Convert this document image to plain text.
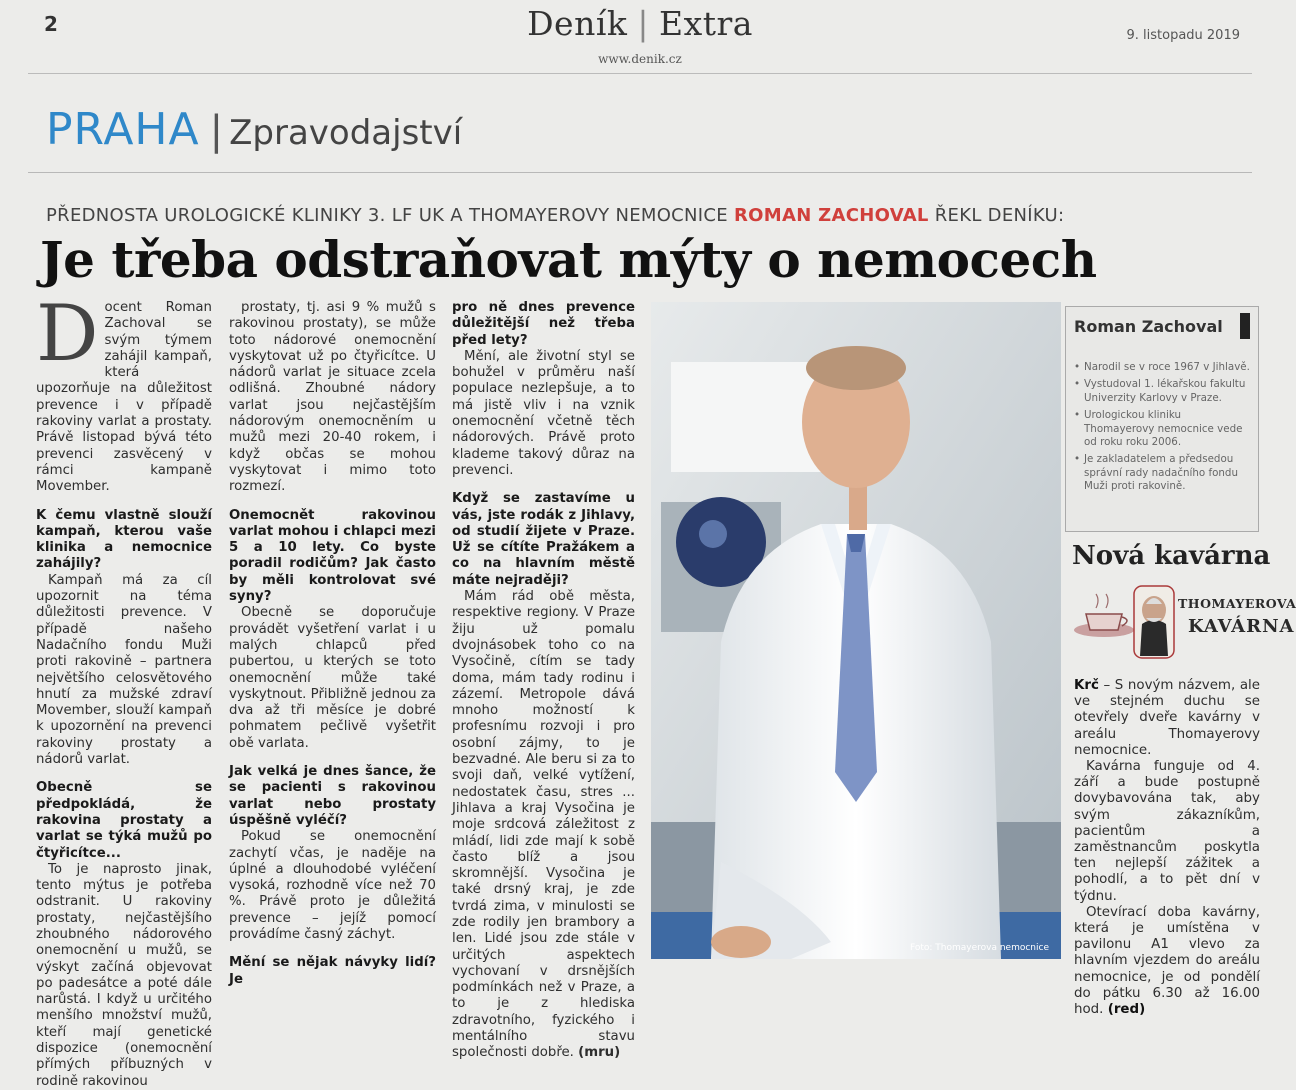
2	Deník | Extra	9. listopadu 2019
www.denik.cz
PRAHA | Zpravodajství
PŘEDNOSTA UROLOGICKÉ KLINIKY 3. LF UK A THOMAYEROVY NEMOCNICE ROMAN ZACHOVAL ŘEKL DENÍKU:
Je třeba odstraňovat mýty o nemocech

Docent Roman Zachoval se svým týmem zahájil kampaň, která upozorňuje na důležitost prevence i v případě rakoviny varlat a prostaty. Právě listopad bývá této prevenci zasvěcený v rámci kampaně Movember.

K čemu vlastně slouží kampaň, kterou vaše klinika a nemocnice zahájily?

Kampaň má za cíl upozornit na téma důležitosti prevence. V případě našeho Nadačního fondu Muži proti rakovině – partnera největšího celosvětového hnutí za mužské zdraví Movember, slouží kampaň k upozornění na prevenci rakoviny prostaty a nádorů varlat.

Obecně se předpokládá, že rakovina prostaty a varlat se týká mužů po čtyřicítce...

To je naprosto jinak, tento mýtus je potřeba odstranit. U rakoviny prostaty, nejčastějšího zhoubného nádorového onemocnění u mužů, se výskyt začíná objevovat po padesátce a poté dále narůstá. I když u určitého menšího množství mužů, kteří mají genetické dispozice (onemocnění přímých příbuzných v rodině rakovinou

prostaty, tj. asi 9 % mužů s rakovinou prostaty), se může toto nádorové onemocnění vyskytovat už po čtyřicítce. U nádorů varlat je situace zcela odlišná. Zhoubné nádory varlat jsou nejčastějším nádorovým onemocněním u mužů mezi 20-40 rokem, i když občas se mohou vyskytovat i mimo toto rozmezí.

Onemocnět rakovinou varlat mohou i chlapci mezi 5 a 10 lety. Co byste poradil rodičům? Jak často by měli kontrolovat své syny?

Obecně se doporučuje provádět vyšetření varlat i u malých chlapců před pubertou, u kterých se toto onemocnění může také vyskytnout. Přibližně jednou za dva až tři měsíce je dobré pohmatem pečlivě vyšetřit obě varlata.

Jak velká je dnes šance, že se pacienti s rakovinou varlat nebo prostaty úspěšně vyléčí?

Pokud se onemocnění zachytí včas, je naděje na úplné a dlouhodobé vyléčení vysoká, rozhodně více než 70 %. Právě proto je důležitá prevence – jejíž pomocí provádíme časný záchyt.

Mění se nějak návyky lidí? Je

pro ně dnes prevence důležitější než třeba před lety?

Mění, ale životní styl se bohužel v průměru naší populace nezlepšuje, a to má jistě vliv i na vznik onemocnění včetně těch nádorových. Právě proto klademe takový důraz na prevenci.

Když se zastavíme u vás, jste rodák z Jihlavy, od studií žijete v Praze. Už se cítíte Pražákem a co na hlavním městě máte nejraději?

Mám rád obě města, respektive regiony. V Praze žiju už pomalu dvojnásobek toho co na Vysočině, cítím se tady doma, mám tady rodinu i zázemí. Metropole dává mnoho možností k profesnímu rozvoji i pro osobní zájmy, to je bezvadné. Ale beru si za to svoji daň, velké vytížení, nedostatek času, stres ... Jihlava a kraj Vysočina je moje srdcová záležitost z mládí, lidi zde mají k sobě často blíž a jsou skromnější. Vysočina je také drsný kraj, je zde tvrdá zima, v minulosti se zde rodily jen brambory a len. Lidé jsou zde stále v určitých aspektech vychovaní v drsnějších podmínkách než v Praze, a to je z hlediska zdravotního, fyzického i mentálního stavu společnosti dobře. (mru)

Foto: Thomayerova nemocnice
Roman Zachoval
• Narodil se v roce 1967 v Jihlavě.
• Vystudoval 1. lékařskou fakultu Univerzity Karlovy v Praze.
• Urologickou kliniku Thomayerovy nemocnice vede od roku roku 2006.
• Je zakladatelem a předsedou správní rady nadačního fondu Muži proti rakovině.
Nová kavárna
THOMAYEROVA
KAVÁRNA

Krč – S novým názvem, ale ve stejném duchu se otevřely dveře kavárny v areálu Thomayerovy nemocnice.

Kavárna funguje od 4. září a bude postupně dovybavována tak, aby svým zákazníkům, pacientům a zaměstnancům poskytla ten nejlepší zážitek a pohodlí, a to pět dní v týdnu.

Otevírací doba kavárny, která je umístěna v pavilonu A1 vlevo za hlavním vjezdem do areálu nemocnice, je od pondělí do pátku 6.30 až 16.00 hod. (red)
